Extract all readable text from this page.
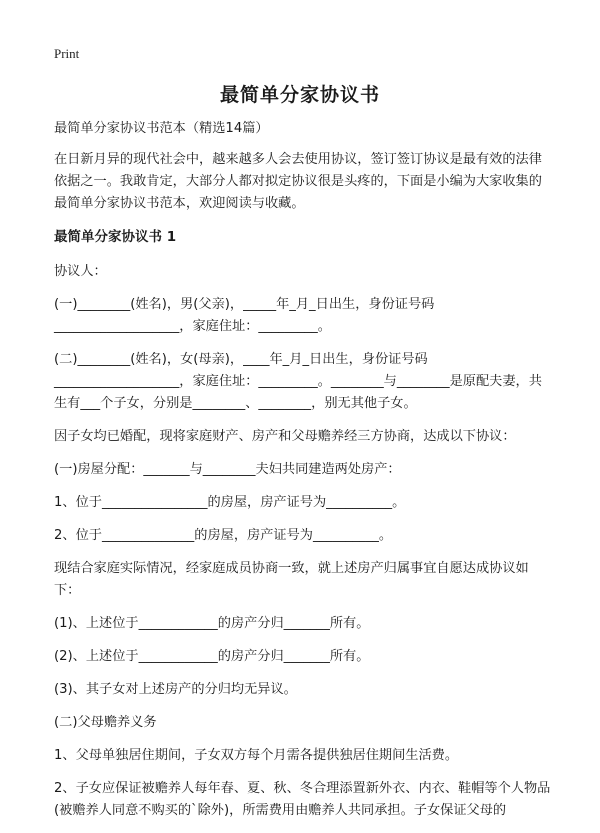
Print
最简单分家协议书

最简单分家协议书范本（精选14篇）

在日新月异的现代社会中，越来越多人会去使用协议，签订签订协议是最有效的法律依据之一。我敢肯定，大部分人都对拟定协议很是头疼的，下面是小编为大家收集的最简单分家协议书范本，欢迎阅读与收藏。

最简单分家协议书 1

协议人：

(一)________(姓名)，男(父亲)，_____年_月_日出生，身份证号码___________________，家庭住址：_________。

(二)________(姓名)，女(母亲)，____年_月_日出生，身份证号码___________________，家庭住址：_________。________与________是原配夫妻，共生有___个子女，分别是________、________，别无其他子女。

因子女均已婚配，现将家庭财产、房产和父母赡养经三方协商，达成以下协议：

(一)房屋分配：_______与________夫妇共同建造两处房产：

1、位于________________的房屋，房产证号为__________。

2、位于______________的房屋，房产证号为__________。

现结合家庭实际情况，经家庭成员协商一致，就上述房产归属事宜自愿达成协议如下：

(1)、上述位于____________的房产分归_______所有。

(2)、上述位于____________的房产分归_______所有。

(3)、其子女对上述房产的分归均无异议。

(二)父母赡养义务

1、父母单独居住期间，子女双方每个月需各提供独居住期间生活费。

2、子女应保证被赡养人每年春、夏、秋、冬合理添置新外衣、内衣、鞋帽等个人物品(被赡养人同意不购买的`除外)，所需费用由赡养人共同承担。子女保证父母的
